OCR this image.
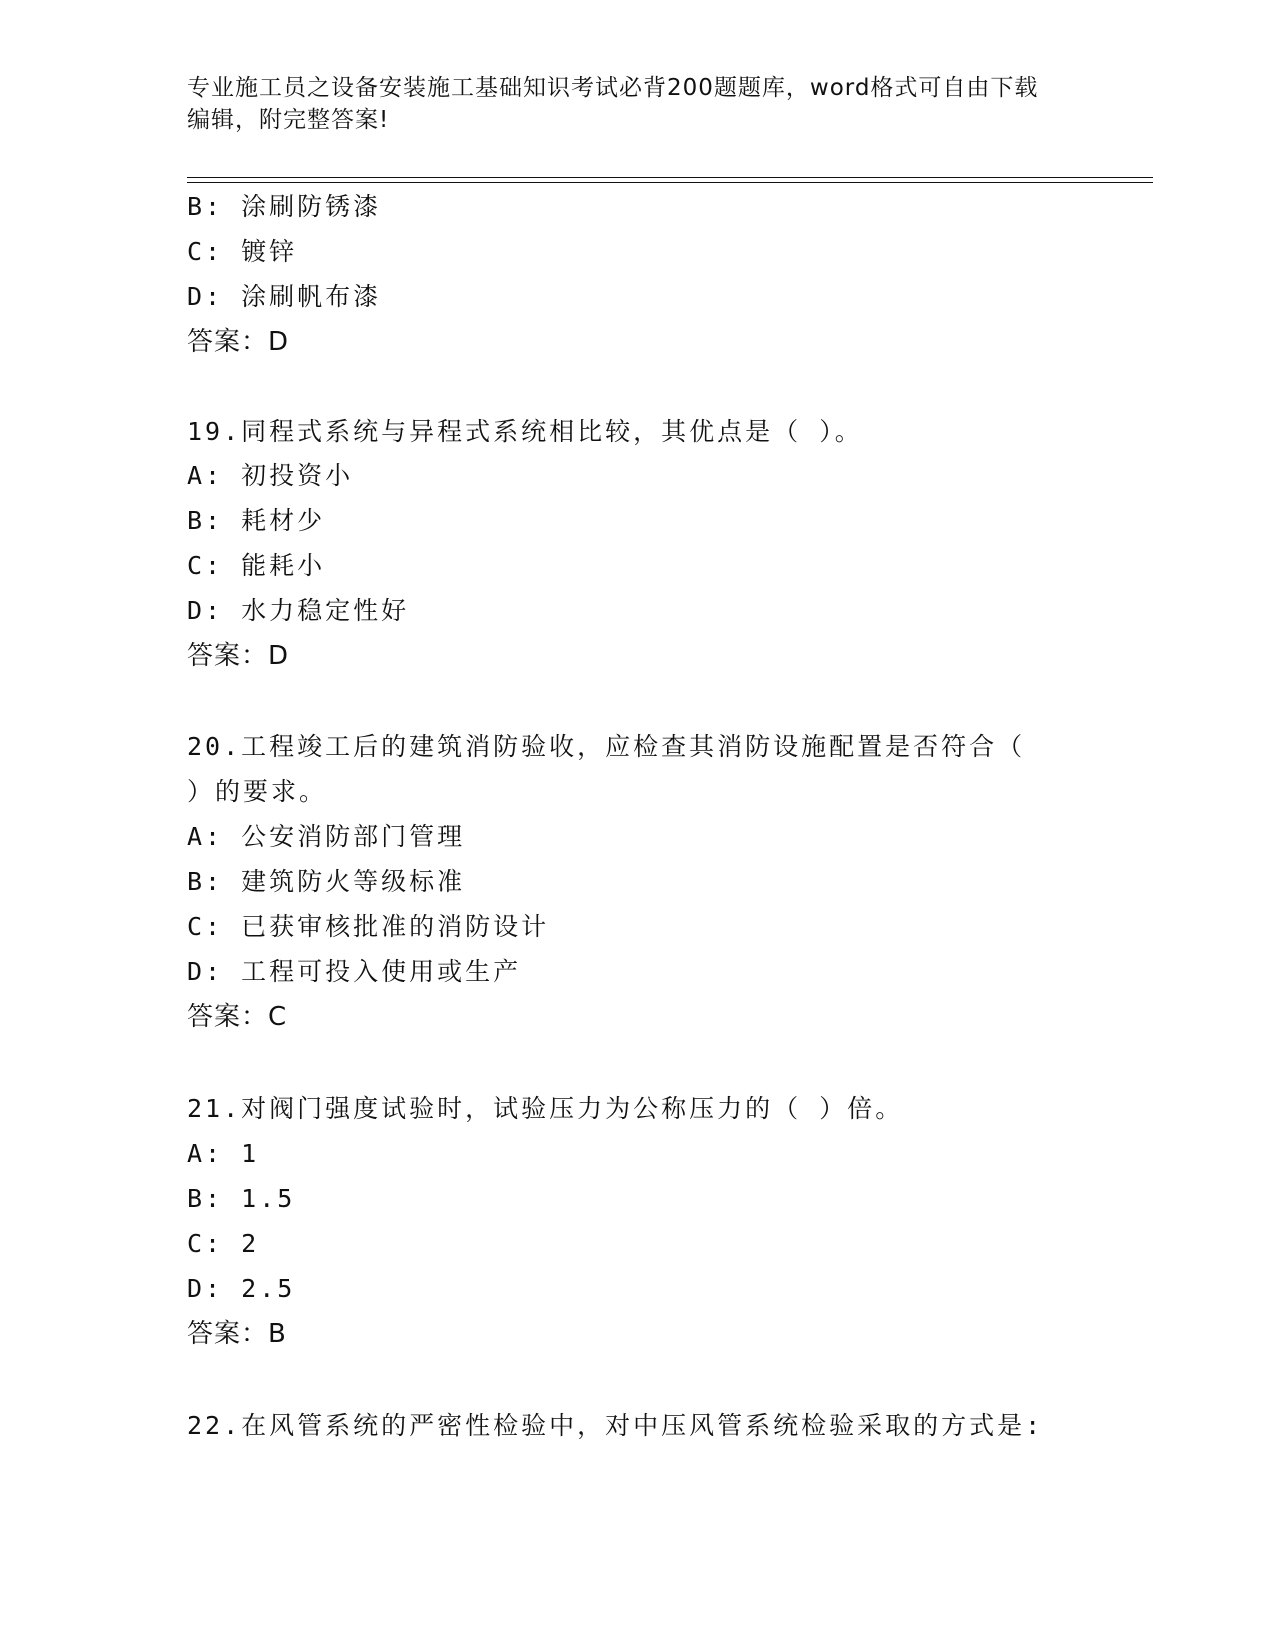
专业施工员之设备安装施工基础知识考试必背200题题库，word格式可自由下载
编辑，附完整答案!
B: 涂刷防锈漆
C: 镀锌
D: 涂刷帆布漆
答案：D
19.同程式系统与异程式系统相比较，其优点是（ ）。
A: 初投资小
B: 耗材少
C: 能耗小
D: 水力稳定性好
答案：D
20.工程竣工后的建筑消防验收，应检查其消防设施配置是否符合（
）的要求。
A: 公安消防部门管理
B: 建筑防火等级标准
C: 已获审核批准的消防设计
D: 工程可投入使用或生产
答案：C
21.对阀门强度试验时，试验压力为公称压力的（ ）倍。
A: 1
B: 1.5
C: 2
D: 2.5
答案：B
22.在风管系统的严密性检验中，对中压风管系统检验采取的方式是:
